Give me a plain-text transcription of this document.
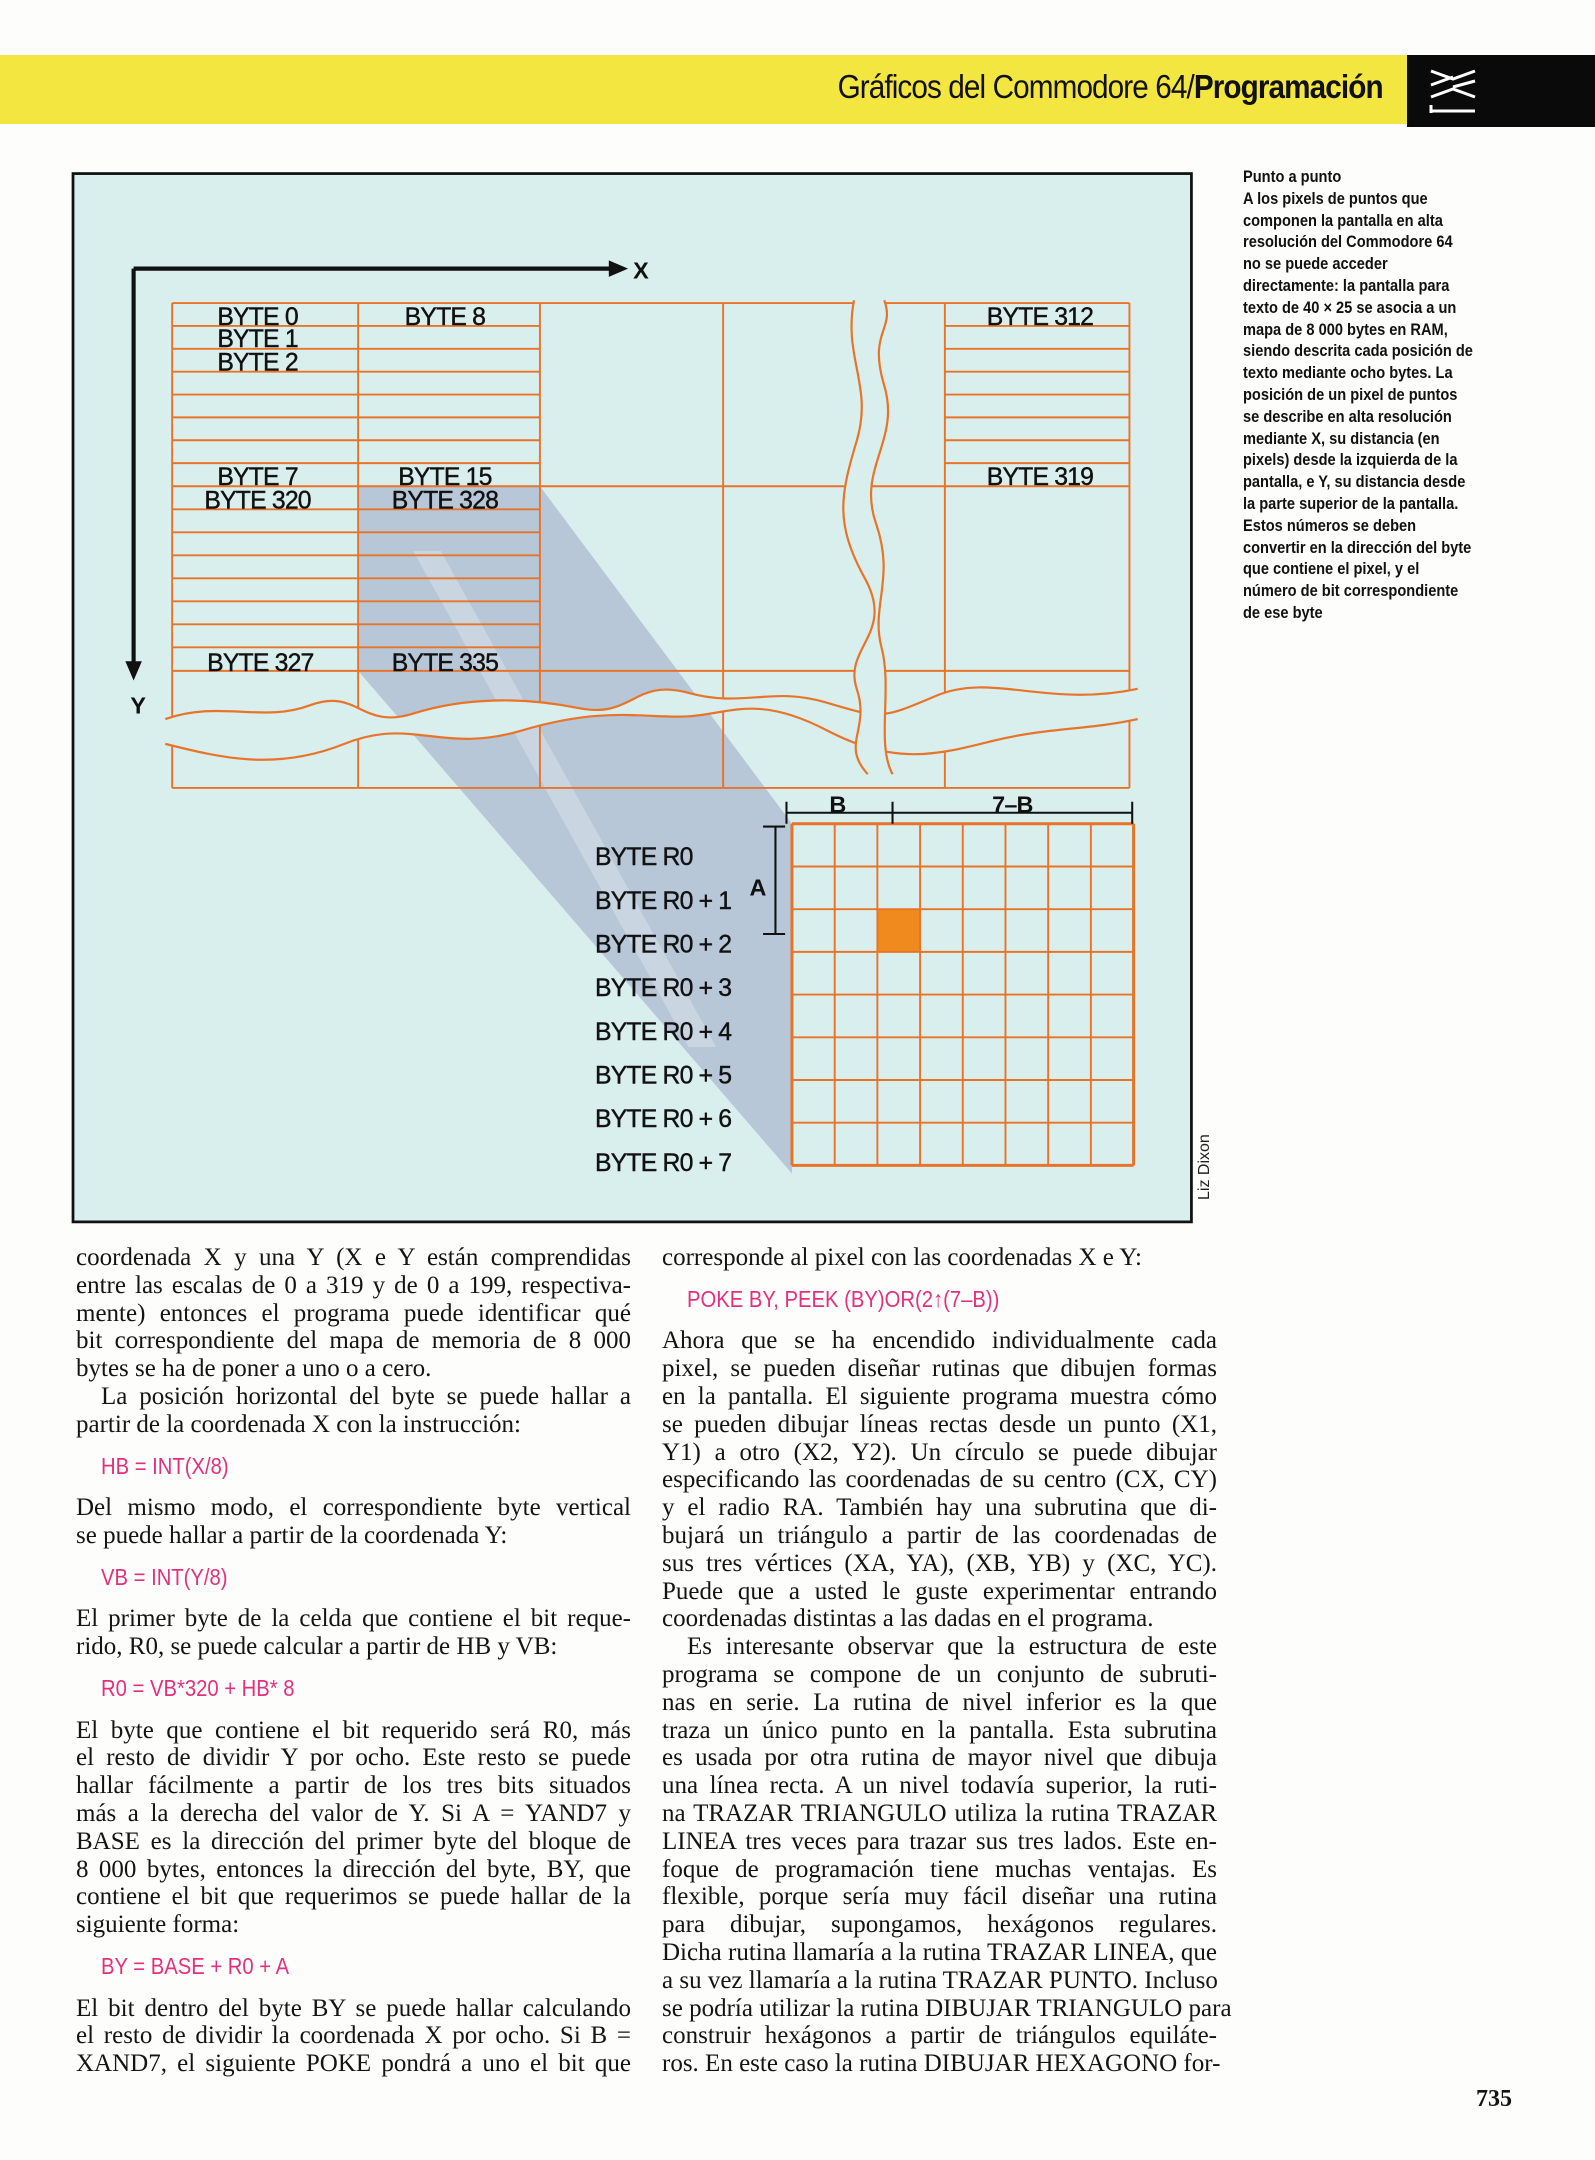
Gráficos del Commodore 64/Programación
Punto a punto
A los pixels de puntos que
componen la pantalla en alta
resolución del Commodore 64
no se puede acceder
directamente: la pantalla para
texto de 40 × 25 se asocia a un
mapa de 8 000 bytes en RAM,
siendo descrita cada posición de
texto mediante ocho bytes. La
posición de un pixel de puntos
se describe en alta resolución
mediante X, su distancia (en
pixels) desde la izquierda de la
pantalla, e Y, su distancia desde
la parte superior de la pantalla.
Estos números se deben
convertir en la dirección del byte
que contiene el pixel, y el
número de bit correspondiente
de ese byte
X
Y
BYTE 0
BYTE 1
BYTE 2
BYTE 8	BYTE 312
BYTE 7
BYTE 320
BYTE 15
BYTE 328
BYTE 319
BYTE 327	BYTE 335
BYTE R0
BYTE R0 + 1
BYTE R0 + 2
BYTE R0 + 3
BYTE R0 + 4
BYTE R0 + 5
BYTE R0 + 6
BYTE R0 + 7
B	7–B
A
Liz Dixon
coordenada X y una Y (X e Y están comprendidas
entre las escalas de 0 a 319 y de 0 a 199, respectiva-
mente) entonces el programa puede identificar qué
bit correspondiente del mapa de memoria de 8 000
bytes se ha de poner a uno o a cero.
La posición horizontal del byte se puede hallar a
partir de la coordenada X con la instrucción:
HB = INT(X/8)
Del mismo modo, el correspondiente byte vertical
se puede hallar a partir de la coordenada Y:
VB = INT(Y/8)
El primer byte de la celda que contiene el bit reque-
rido, R0, se puede calcular a partir de HB y VB:
R0 = VB*320 + HB* 8
El byte que contiene el bit requerido será R0, más
el resto de dividir Y por ocho. Este resto se puede
hallar fácilmente a partir de los tres bits situados
más a la derecha del valor de Y. Si A = YAND7 y
BASE es la dirección del primer byte del bloque de
8 000 bytes, entonces la dirección del byte, BY, que
contiene el bit que requerimos se puede hallar de la
siguiente forma:
BY = BASE + R0 + A
El bit dentro del byte BY se puede hallar calculando
el resto de dividir la coordenada X por ocho. Si B =
XAND7, el siguiente POKE pondrá a uno el bit que
corresponde al pixel con las coordenadas X e Y:
POKE BY, PEEK (BY)OR(2↑(7–B))
Ahora que se ha encendido individualmente cada
pixel, se pueden diseñar rutinas que dibujen formas
en la pantalla. El siguiente programa muestra cómo
se pueden dibujar líneas rectas desde un punto (X1,
Y1) a otro (X2, Y2). Un círculo se puede dibujar
especificando las coordenadas de su centro (CX, CY)
y el radio RA. También hay una subrutina que di-
bujará un triángulo a partir de las coordenadas de
sus tres vértices (XA, YA), (XB, YB) y (XC, YC).
Puede que a usted le guste experimentar entrando
coordenadas distintas a las dadas en el programa.
Es interesante observar que la estructura de este
programa se compone de un conjunto de subruti-
nas en serie. La rutina de nivel inferior es la que
traza un único punto en la pantalla. Esta subrutina
es usada por otra rutina de mayor nivel que dibuja
una línea recta. A un nivel todavía superior, la ruti-
na TRAZAR TRIANGULO utiliza la rutina TRAZAR
LINEA tres veces para trazar sus tres lados. Este en-
foque de programación tiene muchas ventajas. Es
flexible, porque sería muy fácil diseñar una rutina
para dibujar, supongamos, hexágonos regulares.
Dicha rutina llamaría a la rutina TRAZAR LINEA, que
a su vez llamaría a la rutina TRAZAR PUNTO. Incluso
se podría utilizar la rutina DIBUJAR TRIANGULO para
construir hexágonos a partir de triángulos equiláte-
ros. En este caso la rutina DIBUJAR HEXAGONO for-
735
